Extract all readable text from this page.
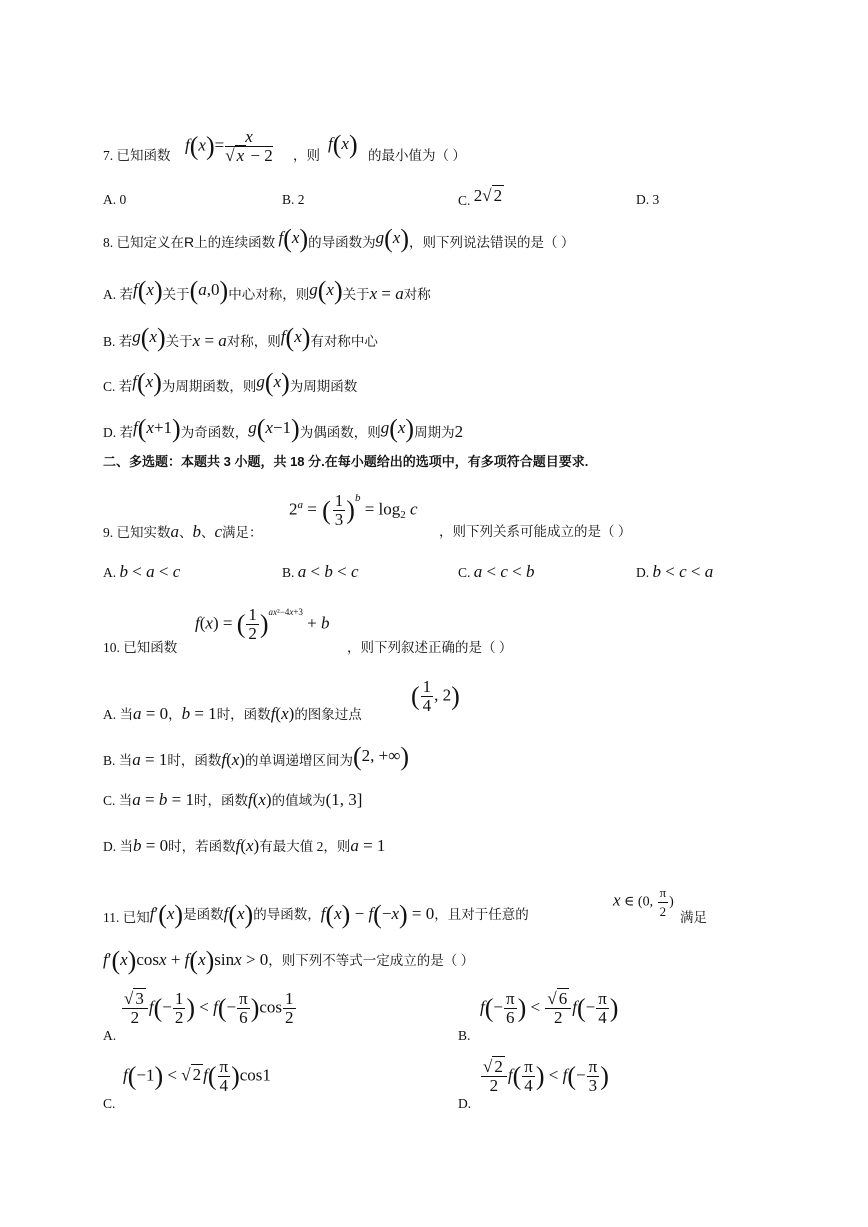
7. 已知函数
$f(x)= \frac{x}{√ x - 2}$ ，则
f(x) 的最小值为（ ）
A. 0	B. 2	C. 2√ 2	D. 3
8. 已知定义在R上的连续函数 f(x)的导函数为g(x)，则下列说法错误的是（ ）
A. 若f(x)关于(a,0)中心对称，则g(x)关于x = a对称
B. 若g(x)关于x = a对称，则f(x)有对称中心
C. 若f(x)为周期函数，则g(x)为周期函数
D. 若f(x+1)为奇函数，g(x−1)为偶函数，则g(x)周期为2
二、多选题：本题共 3 小题，共 18 分.在每小题给出的选项中，有多项符合题目要求.
$2^a$ = ( $\frac{1}{3} )^b = \log 2$ c
9. 已知实数a、b、c满足：	，则下列关系可能成立的是（ ）
A. b < a < c	B. a < b < c	C. a < c < b	D. b < c < a
10. 已知函数
f(x) = ( $\frac{1}{2} )^{ax^2-4x+3} + b$
，则下列叙述正确的是（ ）
A. 当a = 0，b = 1时，函数f(x)的图象过点
( $\frac{1}{4}$ , 2)
B. 当a = 1时，函数f(x)的单调递增区间为(2, +∞)
C. 当a = b = 1时，函数f(x)的值域为(1, 3]
D. 当b = 0时，若函数f(x)有最大值 2，则a = 1
11. 已知 f′(x)是函数f(x)的导函数，f(x) − f(−x) = 0，且对于任意的
x ∈ (0, $\frac{\pi}{2}$ )
满足
f′(x)cosx + f(x)sinx > 0，则下列不等式一定成立的是（ ）
A.
$\frac{√ 3}{2} f(- \frac{1}{2}$ ) < $f(- \frac{\pi}{6} )\cos \frac{1}{2}$
B.
$f(- \frac{\pi}{6}$ ) < $\frac{√ 6}{2} f(- \frac{\pi}{4}$ )
C.
f(−1) < √ 2 $f( \frac{\pi}{4} )\cos 1$
D.
$\frac{√ 2}{2} f( \frac{\pi}{4}$ ) < $f(- \frac{\pi}{3}$ )
